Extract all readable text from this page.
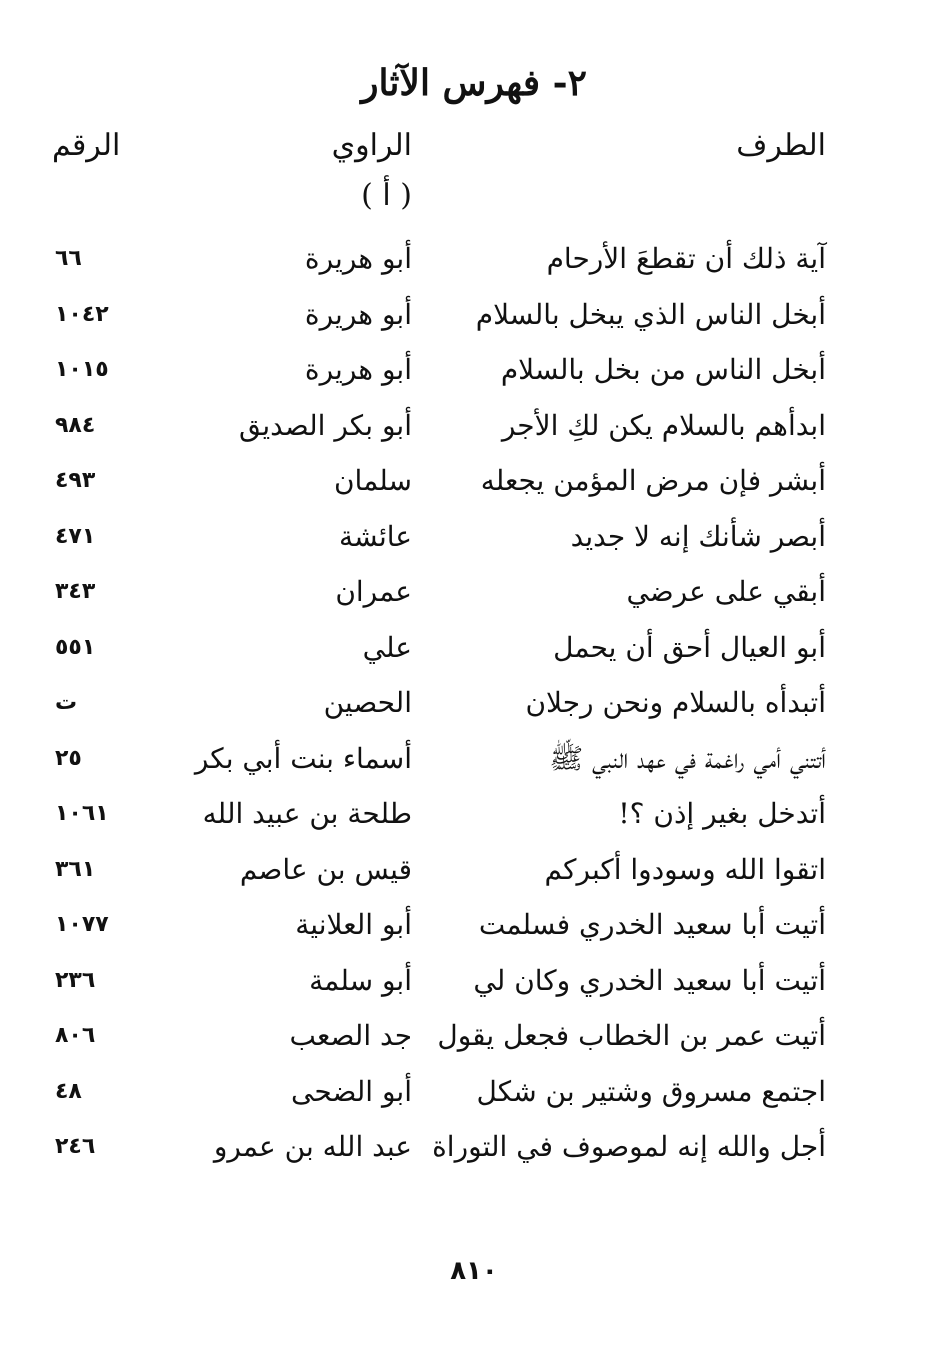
٢- فهرس الآثار
الطرف
الراوي
الرقم
( أ )
آية ذلك أن تقطعَ الأرحام
أبو هريرة
٦٦
أبخل الناس الذي يبخل بالسلام
أبو هريرة
١٠٤٢
أبخل الناس من بخل بالسلام
أبو هريرة
١٠١٥
ابدأهم بالسلام يكن لكِ الأجر
أبو بكر الصديق
٩٨٤
أبشر فإن مرض المؤمن يجعله
سلمان
٤٩٣
أبصر شأنك إنه لا جديد
عائشة
٤٧١
أبقي على عرضي
عمران
٣٤٣
أبو العيال أحق أن يحمل
علي
٥٥١
أتبدأه بالسلام ونحن رجلان
الحصين
ت
أتتني أمي راغمة في عهد النبي ﷺ
أسماء بنت أبي بكر
٢٥
أتدخل بغير إذن ؟!
طلحة بن عبيد الله
١٠٦١
اتقوا الله وسودوا أكبركم
قيس بن عاصم
٣٦١
أتيت أبا سعيد الخدري فسلمت
أبو العلانية
١٠٧٧
أتيت أبا سعيد الخدري وكان لي
أبو سلمة
٢٣٦
أتيت عمر بن الخطاب فجعل يقول
جد الصعب
٨٠٦
اجتمع مسروق وشتير بن شكل
أبو الضحى
٤٨
أجل والله إنه لموصوف في التوراة
عبد الله بن عمرو
٢٤٦
٨١٠
